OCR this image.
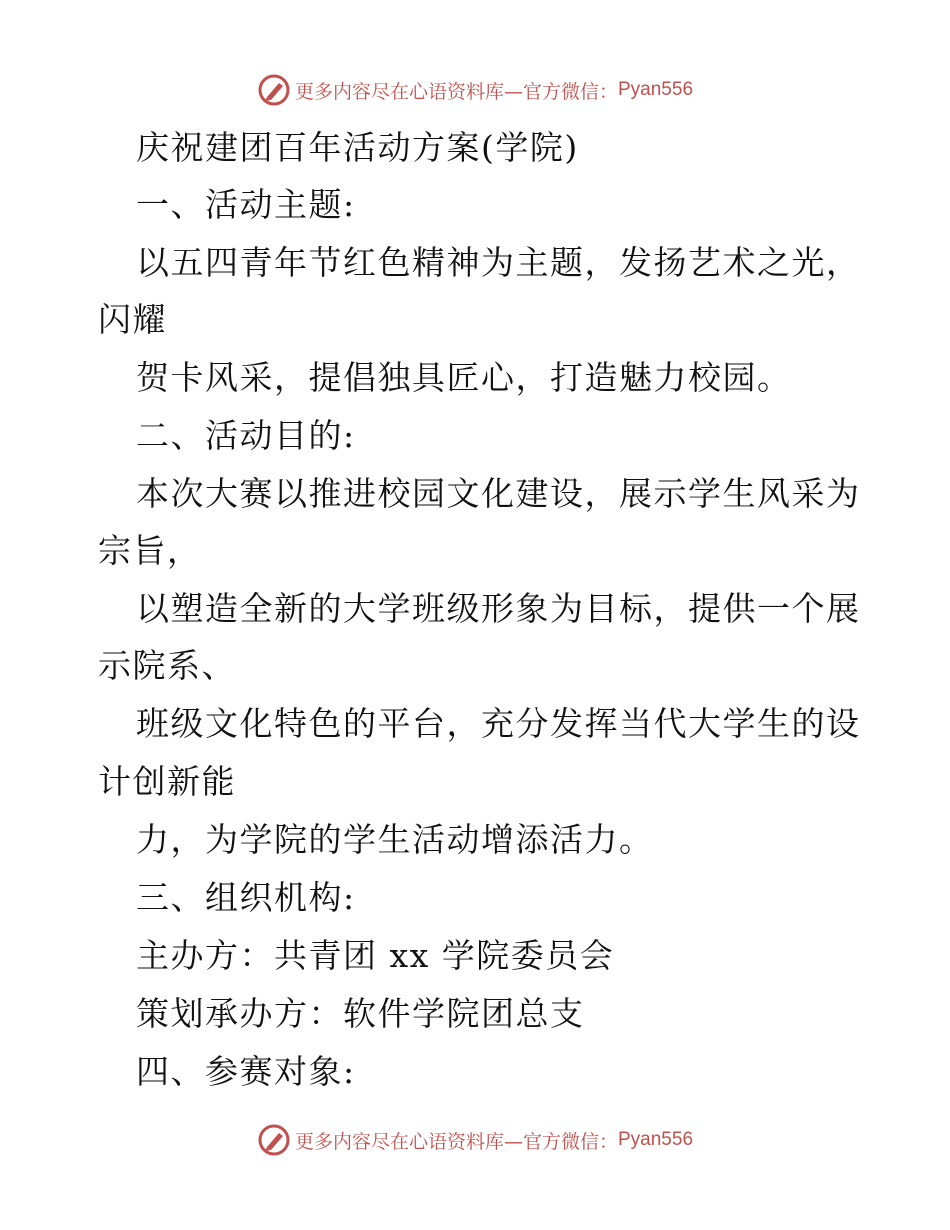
更多内容尽在心语资料库—官方微信： Pyan556
庆祝建团百年活动方案(学院)
一、活动主题:
以五四青年节红色精神为主题，发扬艺术之光，
闪耀
贺卡风采，提倡独具匠心，打造魅力校园。
二、活动目的:
本次大赛以推进校园文化建设，展示学生风采为
宗旨，
以塑造全新的大学班级形象为目标，提供一个展
示院系、
班级文化特色的平台，充分发挥当代大学生的设
计创新能
力，为学院的学生活动增添活力。
三、组织机构:
主办方：共青团 xx 学院委员会
策划承办方：软件学院团总支
四、参赛对象:
更多内容尽在心语资料库—官方微信： Pyan556
